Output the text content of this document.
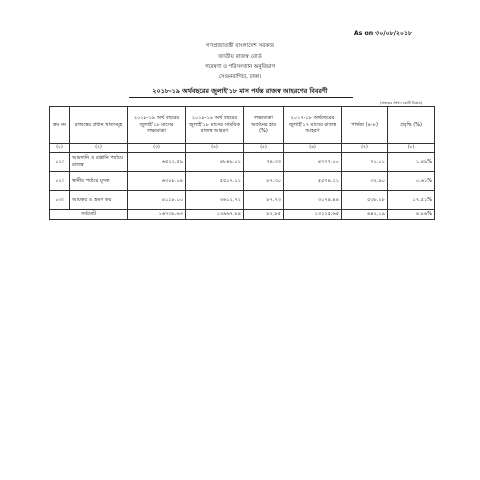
As on ৩০/০৮/২০১৮
গণপ্রজাতন্ত্রী বাংলাদেশ সরকার
জাতীয় রাজস্ব বোর্ড
গবেষণা ও পরিসংখ্যান অনুবিভাগ
সেগুনবাগিচা, ঢাকা।
২০১৮-১৯ অর্থবছরের জুলাই'১৮ মাস পর্যন্ত রাজস্ব আহরণের বিবরণী
(অংকের সংখ্যা কোটি টাকায়)
ক্রঃ নং	রাজস্বের প্রধান খাতসমূহ	২০১৮-১৯ অর্থ বছরের জুলাই'১৮ মাসের লক্ষ্যমাত্রা	২০১৮-১৯ অর্থ বছরের জুলাই'১৮ মাসের সাময়িক রাজস্ব আহরণ	লক্ষ্যমাত্রা অর্জনের হার (%)	২০১৭-১৮ অর্থবছরের জুলাই'১৭ মাসের রাজস্ব আহরণ	পার্থক্য (৪-৮)	প্রবৃদ্ধি (%)
(১)	(২)	(৩)	(৪)	(৫)	(৬)	(৭)	(৮)
০১।	আমদানি ও রপ্তানি পর্যায়ে রাজস্ব	৬৫২২.৫৯	৪৮৪৮.০১	৭৪.৩৩	৪৭৭৭.০০	৭১.০১	১.৪৯%
০২।	স্থানীয় পর্যায়ে মূসক	৬৩০৮.০৪	৫৫০৭.১১	৮৭.৩০	৫৫৭৪.২১	৩২.৯০	০.৬১%
০৩।	আয়কর ও ভ্রমণ কর	৪১১৮.০০	৩৬১২.৭২	৮৭.৭৩	৩০৭৪.৪৪	৫৩৮.২৮	১৭.৫১%
সর্বমোট		১৬৭৩৮.৬৩	১৩৯৬৭.৮৪	৮২.৮৫	১৩২২৫.৬৫	৬৪২.১৯	৪.৮৬%
